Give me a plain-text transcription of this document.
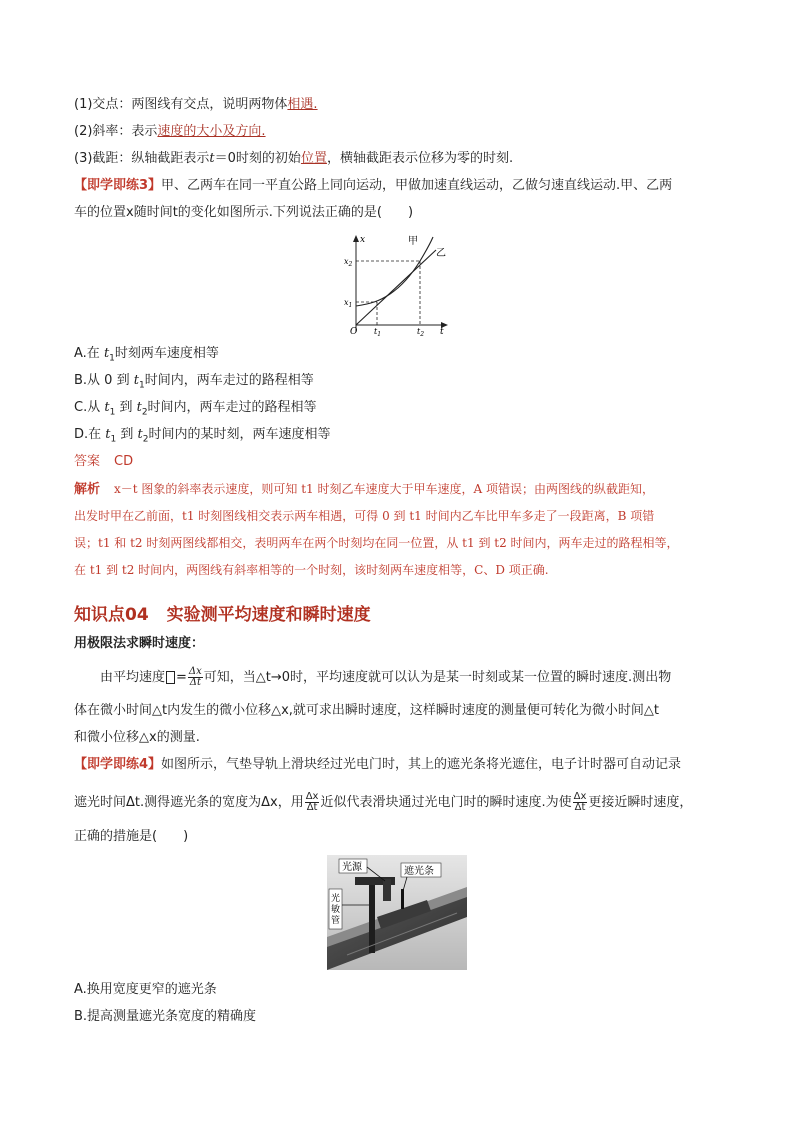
(1)交点：两图线有交点，说明两物体相遇.
(2)斜率：表示速度的大小及方向.
(3)截距：纵轴截距表示t＝0时刻的初始位置，横轴截距表示位移为零的时刻.
【即学即练3】甲、乙两车在同一平直公路上同向运动，甲做加速直线运动，乙做匀速直线运动.甲、乙两
车的位置x随时间t的变化如图所示.下列说法正确的是(　　)
x
t
O
甲
乙
$x_2$
$x_1$
$t_1$	$t_2$
A.在 $t_1$时刻两车速度相等
B.从 0 到 $t_1$时间内，两车走过的路程相等
C.从 $t_1$ 到 $t_2$时间内，两车走过的路程相等
D.在 $t_1$ 到 $t_2$时间内的某时刻，两车速度相等
答案 CD
解析 x－t 图象的斜率表示速度，则可知 t1 时刻乙车速度大于甲车速度，A 项错误；由两图线的纵截距知，
出发时甲在乙前面，t1 时刻图线相交表示两车相遇，可得 0 到 t1 时间内乙车比甲车多走了一段距离，B 项错
误；t1 和 t2 时刻两图线都相交，表明两车在两个时刻均在同一位置，从 t1 到 t2 时间内，两车走过的路程相等，
在 t1 到 t2 时间内，两图线有斜率相等的一个时刻，该时刻两车速度相等，C、D 项正确.
知识点04 实验测平均速度和瞬时速度
用极限法求瞬时速度：
由平均速度 = $\frac{\Delta x}{\Delta t}$ 可知，当△t→0时，平均速度就可以认为是某一时刻或某一位置的瞬时速度.测出物
体在微小时间△t内发生的微小位移△x,就可求出瞬时速度，这样瞬时速度的测量便可转化为微小时间△t
和微小位移△x的测量.
【即学即练4】如图所示，气垫导轨上滑块经过光电门时，其上的遮光条将光遮住，电子计时器可自动记录
遮光时间Δt.测得遮光条的宽度为Δx，用 $\frac{\Delta x}{\Delta t}$ 近似代表滑块通过光电门时的瞬时速度.为使 $\frac{\Delta x}{\Delta t}$ 更接近瞬时速度，
正确的措施是(　　)
光源	遮光条
光敏管
A.换用宽度更窄的遮光条
B.提高测量遮光条宽度的精确度
